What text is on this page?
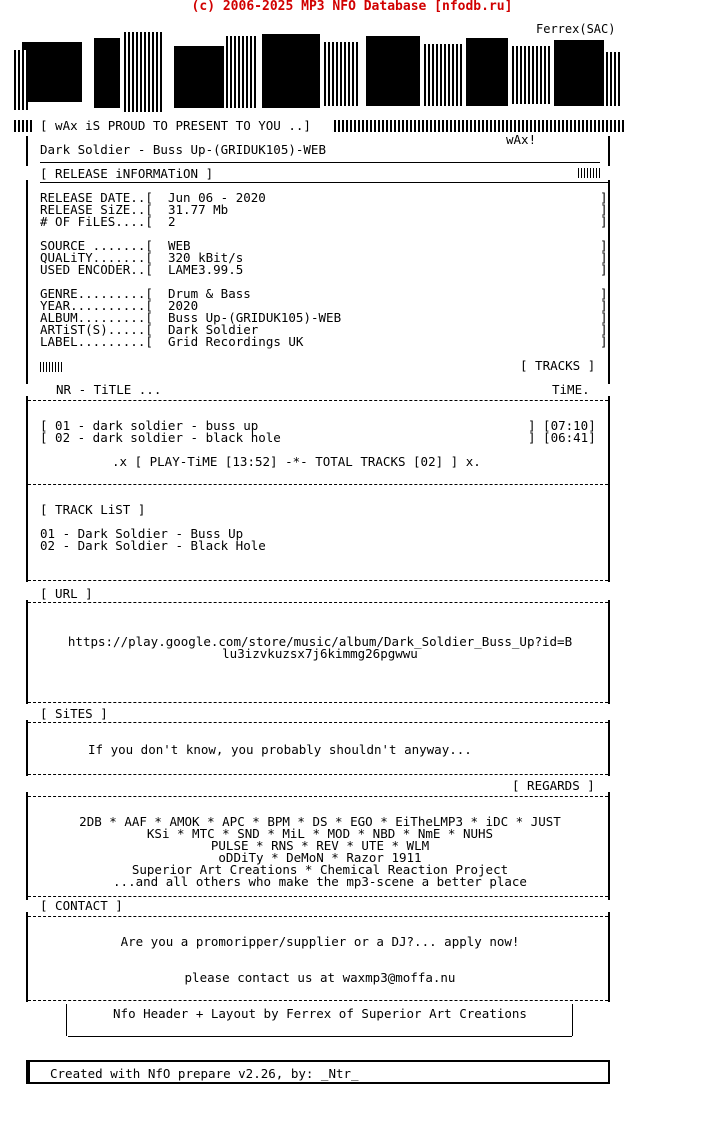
(c) 2006-2025 MP3 NFO Database [nfodb.ru]
Ferrex(SAC)
[ wAx iS PROUD TO PRESENT TO YOU ..]
wAx!
Dark Soldier - Buss Up-(GRIDUK105)-WEB
[ RELEASE iNFORMATiON ]
RELEASE DATE..[ Jun 06 - 2020	]
RELEASE SiZE..[ 31.77 Mb	]
# OF FiLES....[ 2	]
SOURCE .......[ WEB	]
QUALiTY.......[ 320 kBit/s	]
USED ENCODER..[ LAME3.99.5	]
GENRE.........[ Drum & Bass	]
YEAR..........[ 2020	]
ALBUM.........[ Buss Up-(GRIDUK105)-WEB	]
ARTiST(S).....[ Dark Soldier	]
LABEL.........[ Grid Recordings UK	]
[ TRACKS ]
NR - TiTLE ...	TiME.
[ 01 - dark soldier - buss up	] [07:10]
[ 02 - dark soldier - black hole	] [06:41]
.x [ PLAY-TiME [13:52] -*- TOTAL TRACKS [02] ] x.
[ TRACK LiST ]
01 - Dark Soldier - Buss Up
02 - Dark Soldier - Black Hole
[ URL ]
https://play.google.com/store/music/album/Dark_Soldier_Buss_Up?id=B
lu3izvkuzsx7j6kimmg26pgwwu
[ SiTES ]
If you don't know, you probably shouldn't anyway...
[ REGARDS ]
2DB * AAF * AMOK * APC * BPM * DS * EGO * EiTheLMP3 * iDC * JUST
KSi * MTC * SND * MiL * MOD * NBD * NmE * NUHS
PULSE * RNS * REV * UTE * WLM
oDDiTy * DeMoN * Razor 1911
Superior Art Creations * Chemical Reaction Project
...and all others who make the mp3-scene a better place
[ CONTACT ]
Are you a promoripper/supplier or a DJ?... apply now!
please contact us at waxmp3@moffa.nu
Nfo Header + Layout by Ferrex of Superior Art Creations
Created with NfO prepare v2.26, by: _Ntr_
